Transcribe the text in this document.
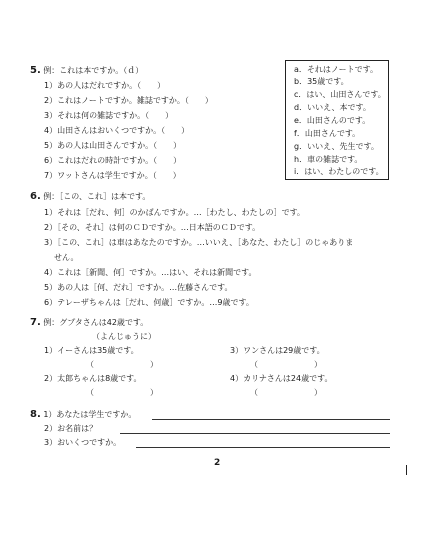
5. 例：これは本ですか。（ｄ）
1）あの人はだれですか。（　　）
2）これはノートですか。雑誌ですか。（　　）
3）それは何の雑誌ですか。（　　）
4）山田さんはおいくつですか。（　　）
5）あの人は山田さんですか。（　　）
6）これはだれの時計ですか。（　　）
7）ワットさんは学生ですか。（　　）
a．それはノートです。
b．35歳です。
c．はい、山田さんです。
d．いいえ、本です。
e．山田さんのです。
f．山田さんです。
g．いいえ、先生です。
h．車の雑誌です。
i．はい、わたしのです。
6. 例：［この、これ］は本です。
1）それは［だれ、何］のかばんですか。…［わたし、わたしの］です。
2）［その、それ］は何のＣＤですか。…日本語のＣＤです。
3）［この、これ］は車はあなたのですか。…いいえ、［あなた、わたし］のじゃありま
せん。
4）これは［新聞、何］ですか。…はい、それは新聞です。
5）あの人は［何、だれ］ですか。…佐藤さんです。
6）テレーザちゃんは［だれ、何歳］ですか。…9歳です。
7. 例：グプタさんは42歳です。
（よんじゅうに）
1）イーさんは35歳です。
（　　　　　　　）
3）ワンさんは29歳です。
（　　　　　　　）
2）太郎ちゃんは8歳です。
（　　　　　　　）
4）カリナさんは24歳です。
（　　　　　　　）
8. 1）あなたは学生ですか。
2）お名前は？
3）おいくつですか。
2
